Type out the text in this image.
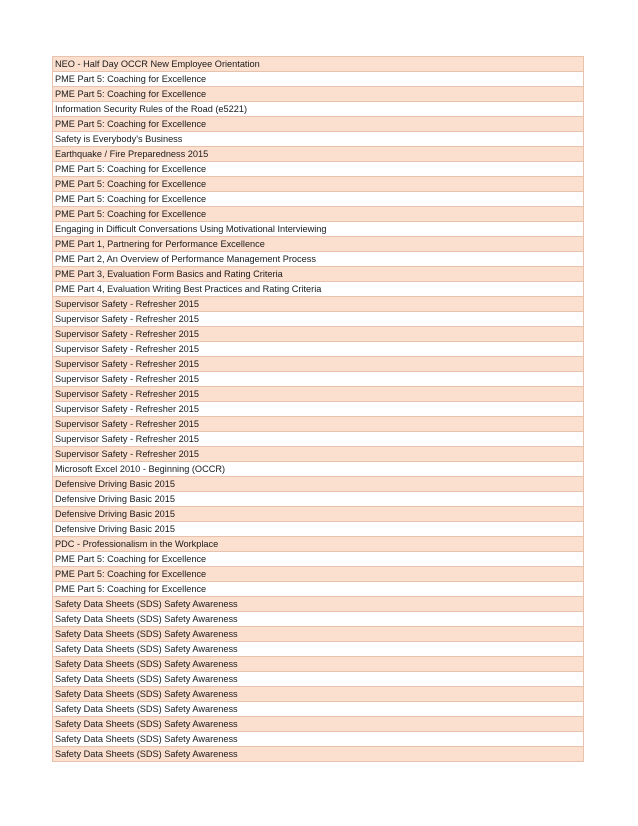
NEO - Half Day OCCR New Employee Orientation
PME Part 5: Coaching for Excellence
PME Part 5: Coaching for Excellence
Information Security Rules of the Road (e5221)
PME Part 5: Coaching for Excellence
Safety is Everybody's Business
Earthquake / Fire Preparedness 2015
PME Part 5: Coaching for Excellence
PME Part 5: Coaching for Excellence
PME Part 5: Coaching for Excellence
PME Part 5: Coaching for Excellence
Engaging in Difficult Conversations Using Motivational Interviewing
PME Part 1, Partnering for Performance Excellence
PME Part 2, An Overview of Performance Management Process
PME Part 3, Evaluation Form Basics and Rating Criteria
PME Part 4, Evaluation Writing Best Practices and Rating Criteria
Supervisor Safety - Refresher 2015
Supervisor Safety - Refresher 2015
Supervisor Safety - Refresher 2015
Supervisor Safety - Refresher 2015
Supervisor Safety - Refresher 2015
Supervisor Safety - Refresher 2015
Supervisor Safety - Refresher 2015
Supervisor Safety - Refresher 2015
Supervisor Safety - Refresher 2015
Supervisor Safety - Refresher 2015
Supervisor Safety - Refresher 2015
Microsoft Excel 2010 - Beginning (OCCR)
Defensive Driving Basic 2015
Defensive Driving Basic 2015
Defensive Driving Basic 2015
Defensive Driving Basic 2015
PDC - Professionalism in the Workplace
PME Part 5: Coaching for Excellence
PME Part 5: Coaching for Excellence
PME Part 5: Coaching for Excellence
Safety Data Sheets (SDS) Safety Awareness
Safety Data Sheets (SDS) Safety Awareness
Safety Data Sheets (SDS) Safety Awareness
Safety Data Sheets (SDS) Safety Awareness
Safety Data Sheets (SDS) Safety Awareness
Safety Data Sheets (SDS) Safety Awareness
Safety Data Sheets (SDS) Safety Awareness
Safety Data Sheets (SDS) Safety Awareness
Safety Data Sheets (SDS) Safety Awareness
Safety Data Sheets (SDS) Safety Awareness
Safety Data Sheets (SDS) Safety Awareness
